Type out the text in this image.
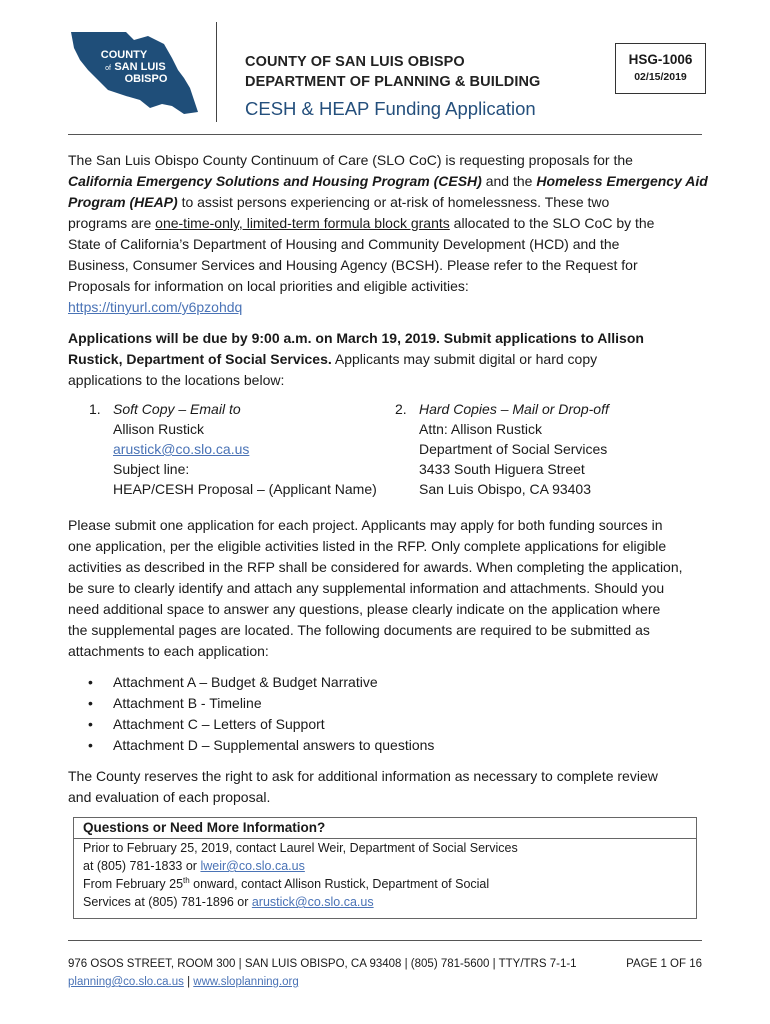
COUNTY
of SAN LUIS
OBISPO
COUNTY OF SAN LUIS OBISPO
DEPARTMENT OF PLANNING & BUILDING
CESH & HEAP Funding Application
HSG-1006
02/15/2019
The San Luis Obispo County Continuum of Care (SLO CoC) is requesting proposals for the
California Emergency Solutions and Housing Program (CESH) and the Homeless Emergency Aid
Program (HEAP) to assist persons experiencing or at-risk of homelessness. These two
programs are one-time-only, limited-term formula block grants allocated to the SLO CoC by the
State of California’s Department of Housing and Community Development (HCD) and the
Business, Consumer Services and Housing Agency (BCSH). Please refer to the Request for
Proposals for information on local priorities and eligible activities:
https://tinyurl.com/y6pzohdq
Applications will be due by 9:00 a.m. on March 19, 2019. Submit applications to Allison
Rustick, Department of Social Services. Applicants may submit digital or hard copy
applications to the locations below:
1. Soft Copy – Email to
Allison Rustick
arustick@co.slo.ca.us
Subject line:
HEAP/CESH Proposal – (Applicant Name)
2. Hard Copies – Mail or Drop-off
Attn: Allison Rustick
Department of Social Services
3433 South Higuera Street
San Luis Obispo, CA 93403
Please submit one application for each project. Applicants may apply for both funding sources in
one application, per the eligible activities listed in the RFP. Only complete applications for eligible
activities as described in the RFP shall be considered for awards. When completing the application,
be sure to clearly identify and attach any supplemental information and attachments. Should you
need additional space to answer any questions, please clearly indicate on the application where
the supplemental pages are located. The following documents are required to be submitted as
attachments to each application:
• Attachment A – Budget & Budget Narrative
• Attachment B - Timeline
• Attachment C – Letters of Support
• Attachment D – Supplemental answers to questions
The County reserves the right to ask for additional information as necessary to complete review
and evaluation of each proposal.
Questions or Need More Information?
Prior to February 25, 2019, contact Laurel Weir, Department of Social Services
at (805) 781-1833 or lweir@co.slo.ca.us
From February 25th onward, contact Allison Rustick, Department of Social
Services at (805) 781-1896 or arustick@co.slo.ca.us
976 OSOS STREET, ROOM 300 | SAN LUIS OBISPO, CA 93408 | (805) 781-5600 | TTY/TRS 7-1-1	PAGE 1 OF 16
planning@co.slo.ca.us | www.sloplanning.org
